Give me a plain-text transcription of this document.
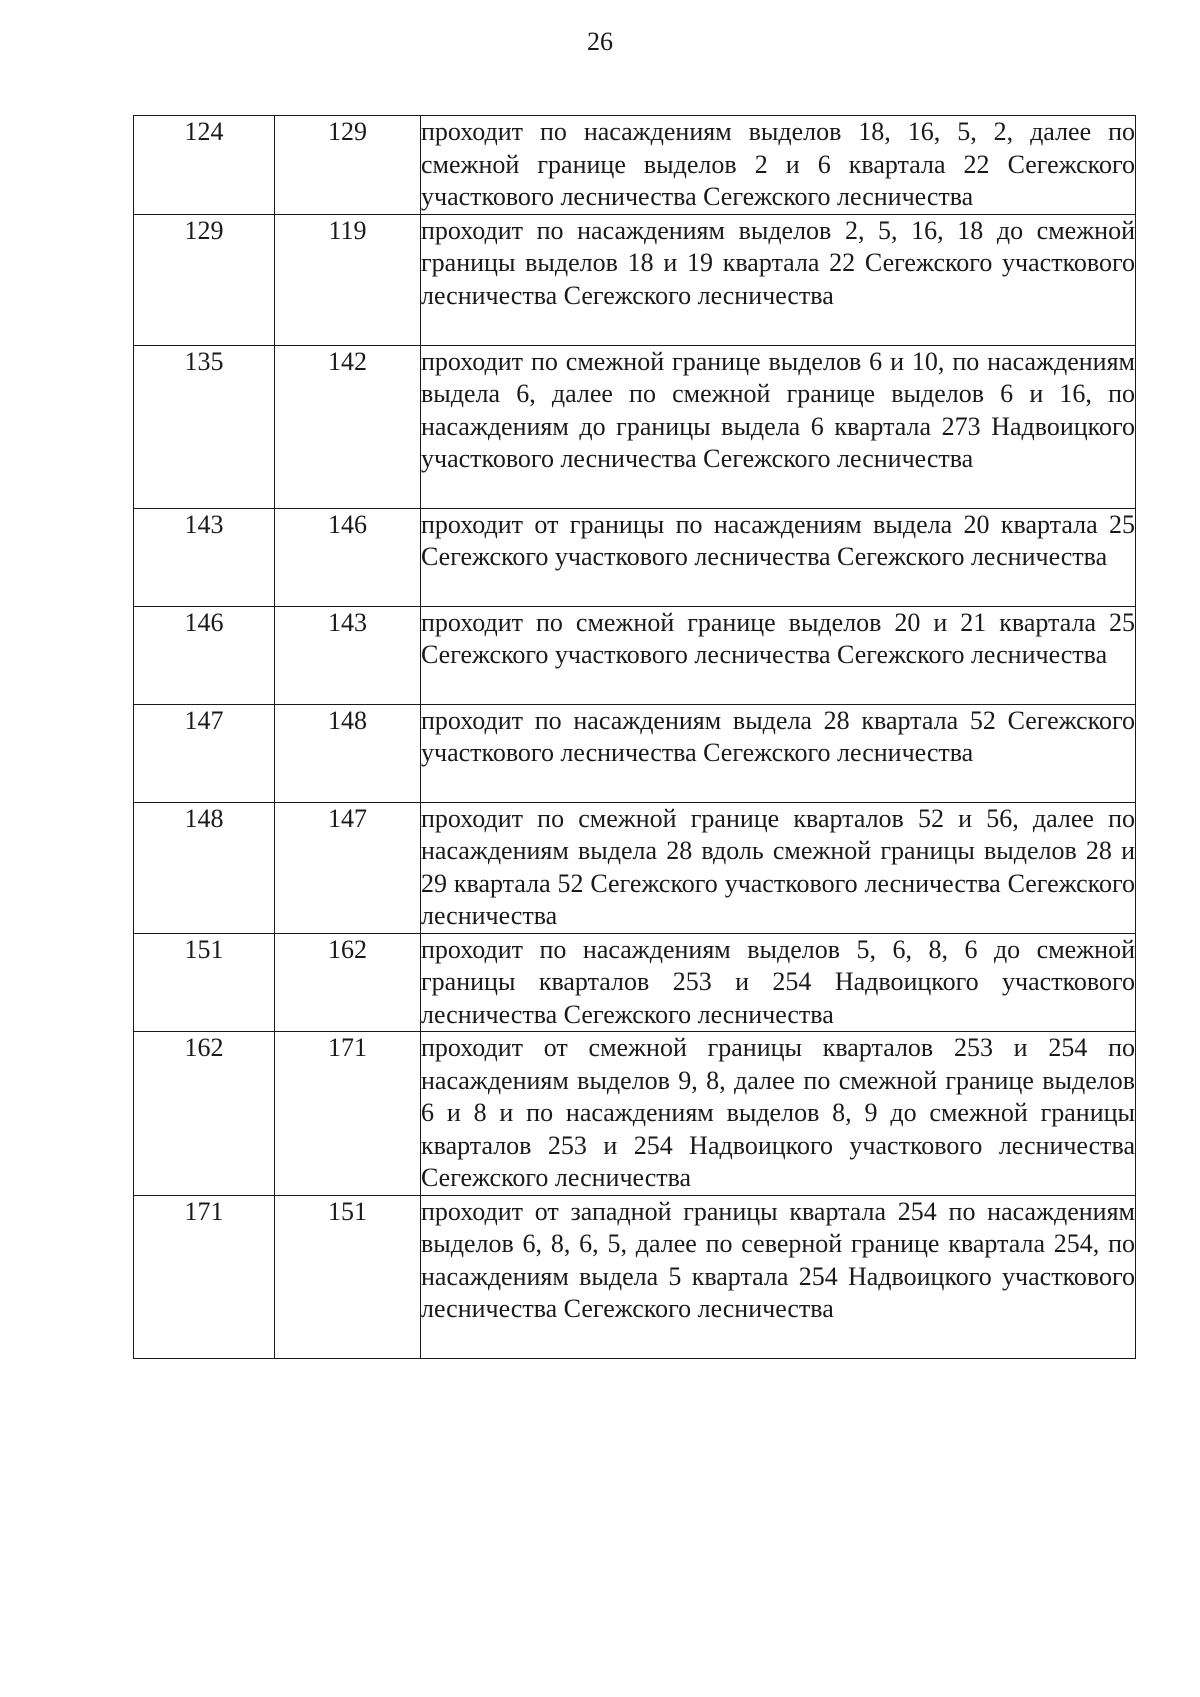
26
124	129	проходит по насаждениям выделов 18, 16, 5, 2, далее по смежной границе выделов 2 и 6 квартала 22 Сегежского участкового лесничества Сегежского лесничества
129	119	проходит по насаждениям выделов 2, 5, 16, 18 до смежной границы выделов 18 и 19 квартала 22 Сегежского участкового лесничества Сегежского лесничества
135	142	проходит по смежной границе выделов 6 и 10, по насаждениям выдела 6, далее по смежной границе выделов 6 и 16, по насаждениям до границы выдела 6 квартала 273 Надвоицкого участкового лесничества Сегежского лесничества
143	146	проходит от границы по насаждениям выдела 20 квартала 25 Сегежского участкового лесничества Сегежского лесничества
146	143	проходит по смежной границе выделов 20 и 21 квартала 25 Сегежского участкового лесничества Сегежского лесничества
147	148	проходит по насаждениям выдела 28 квартала 52 Сегежского участкового лесничества Сегежского лесничества
148	147	проходит по смежной границе кварталов 52 и 56, далее по насаждениям выдела 28 вдоль смежной границы выделов 28 и 29 квартала 52 Сегежского участкового лесничества Сегежского лесничества
151	162	проходит по насаждениям выделов 5, 6, 8, 6 до смежной границы кварталов 253 и 254 Надвоицкого участкового лесничества Сегежского лесничества
162	171	проходит от смежной границы кварталов 253 и 254 по насаждениям выделов 9, 8, далее по смежной границе выделов 6 и 8 и по насаждениям выделов 8, 9 до смежной границы кварталов 253 и 254 Надвоицкого участкового лесничества Сегежского лесничества
171	151	проходит от западной границы квартала 254 по насаждениям выделов 6, 8, 6, 5, далее по северной границе квартала 254, по насаждениям выдела 5 квартала 254 Надвоицкого участкового лесничества Сегежского лесничества
